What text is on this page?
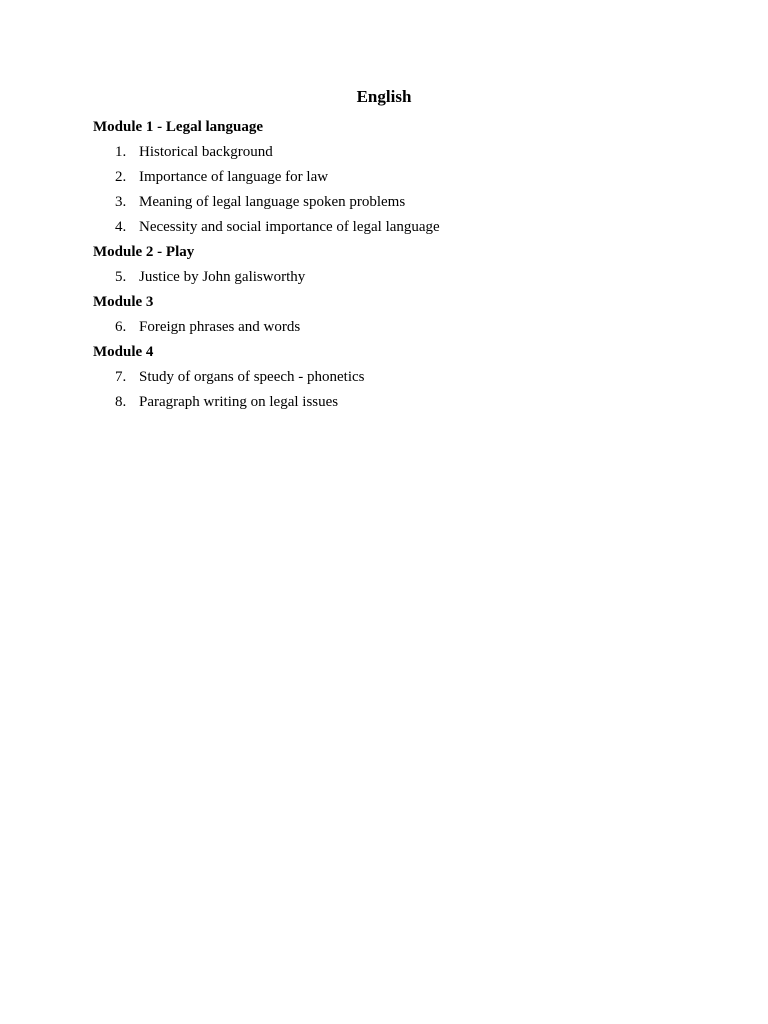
English
Module 1 - Legal language
1. Historical background
2. Importance of language for law
3. Meaning of legal language spoken problems
4. Necessity and social importance of legal language
Module 2 - Play
5. Justice by John galisworthy
Module 3
6. Foreign phrases and words
Module 4
7. Study of organs of speech - phonetics
8. Paragraph writing on legal issues
